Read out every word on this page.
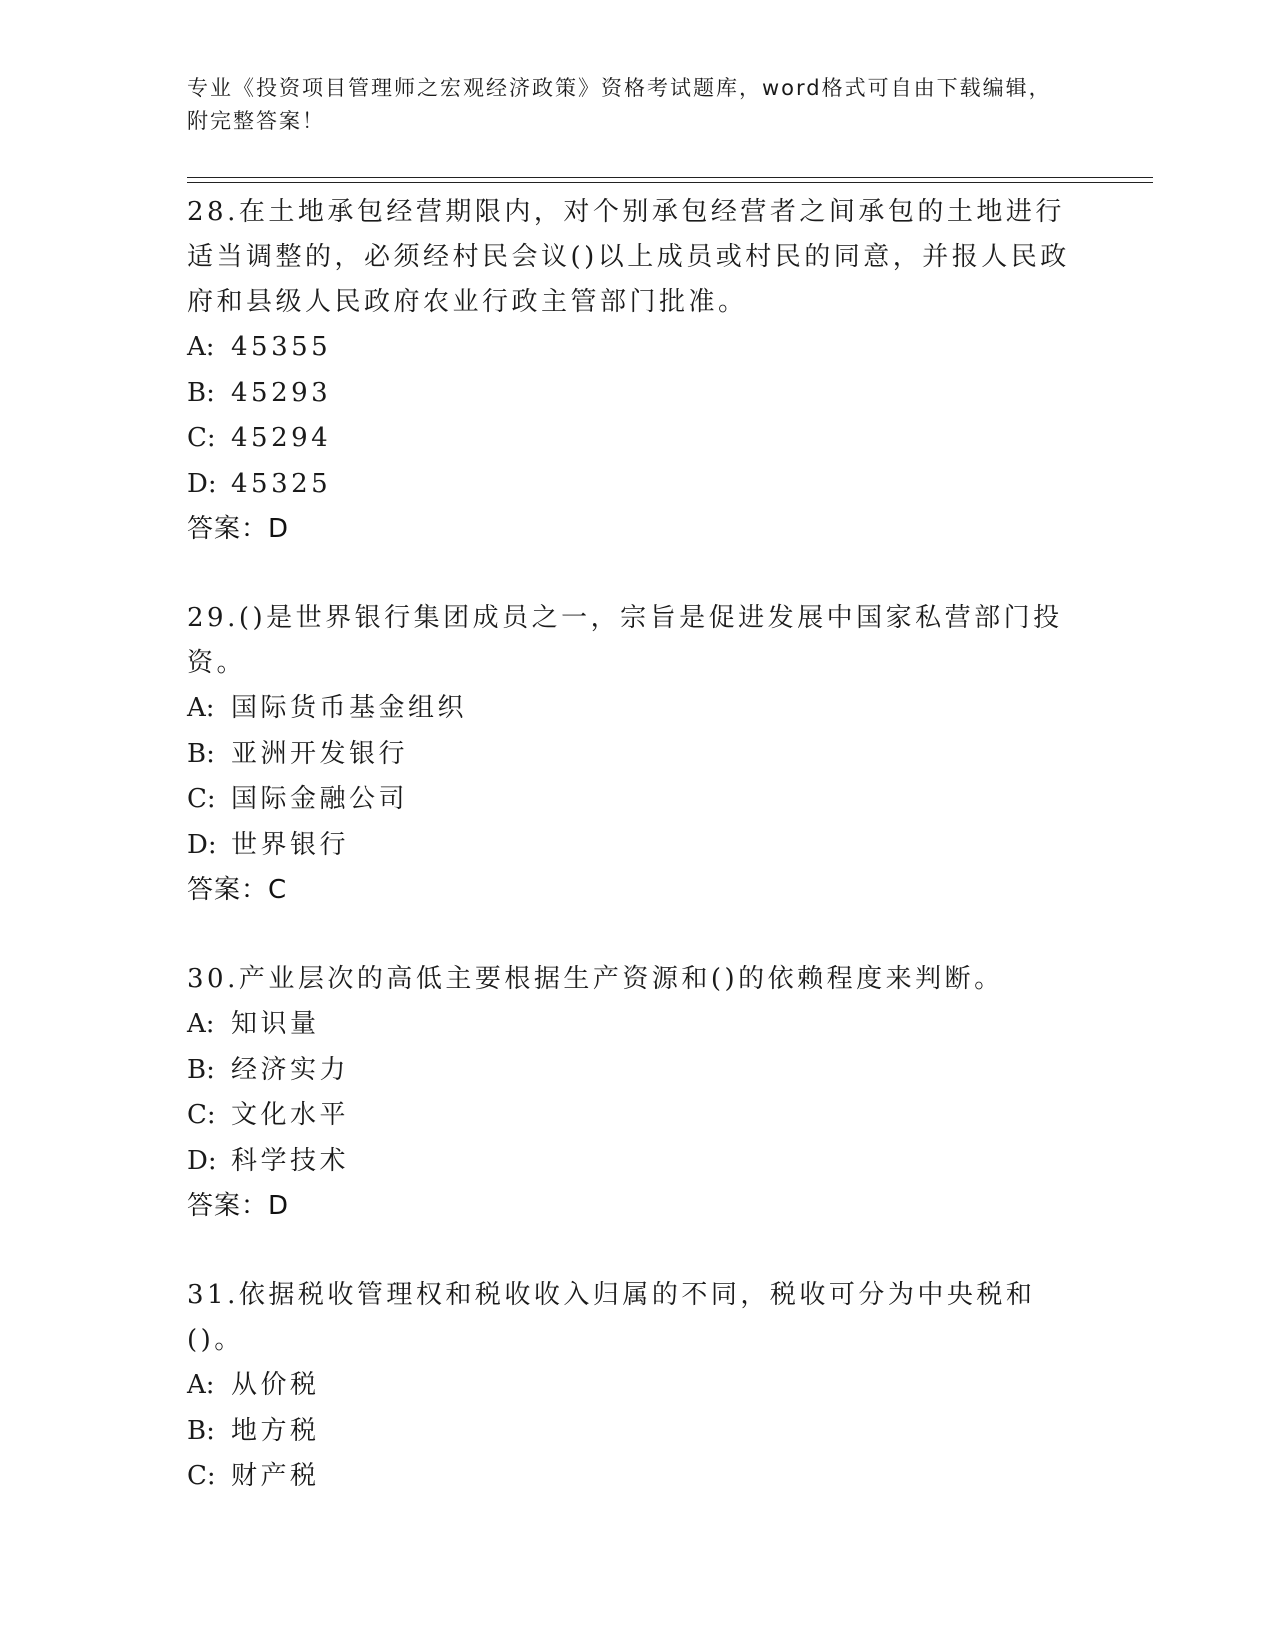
专业《投资项目管理师之宏观经济政策》资格考试题库，word格式可自由下载编辑，附完整答案！
28.在土地承包经营期限内，对个别承包经营者之间承包的土地进行适当调整的，必须经村民会议()以上成员或村民的同意，并报人民政府和县级人民政府农业行政主管部门批准。
A: 45355
B: 45293
C: 45294
D: 45325
答案：D
29.()是世界银行集团成员之一，宗旨是促进发展中国家私营部门投资。
A: 国际货币基金组织
B: 亚洲开发银行
C: 国际金融公司
D: 世界银行
答案：C
30.产业层次的高低主要根据生产资源和()的依赖程度来判断。
A: 知识量
B: 经济实力
C: 文化水平
D: 科学技术
答案：D
31.依据税收管理权和税收收入归属的不同，税收可分为中央税和()。
A: 从价税
B: 地方税
C: 财产税
